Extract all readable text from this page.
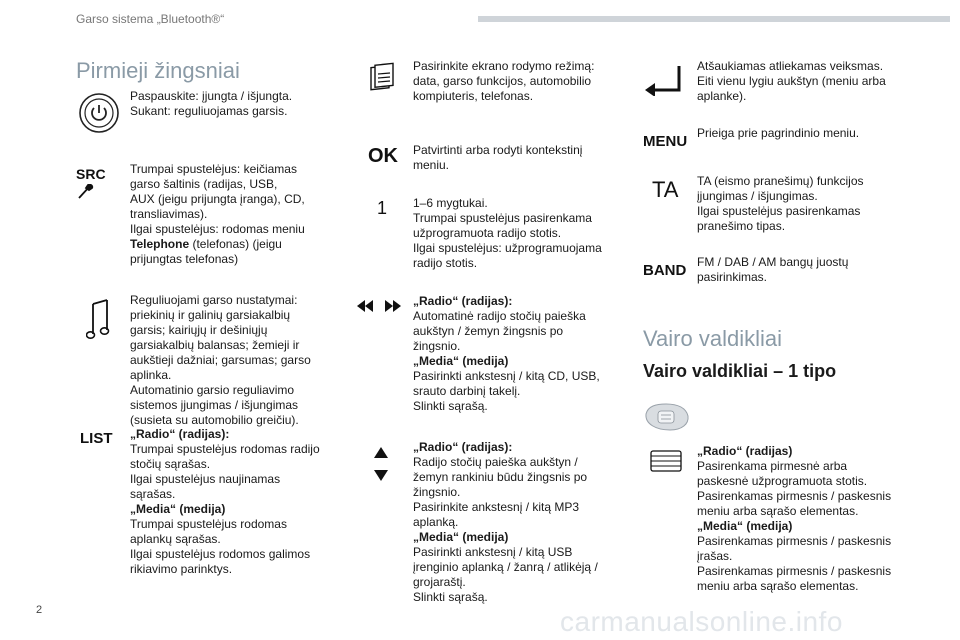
Garso sistema „Bluetooth®“
Pirmieji žingsniai
Paspauskite: įjungta / išjungta.
Sukant: reguliuojamas garsis.
SRC	Trumpai spustelėjus: keičiamas
garso šaltinis (radijas, USB,
AUX (jeigu prijungta įranga), CD,
transliavimas).
Ilgai spustelėjus: rodomas meniu
Telephone (telefonas) (jeigu
prijungtas telefonas)
Reguliuojami garso nustatymai:
priekinių ir galinių garsiakalbių
garsis; kairiųjų ir dešiniųjų
garsiakalbių balansas; žemieji ir
aukštieji dažniai; garsumas; garso
aplinka.
Automatinio garsio reguliavimo
sistemos įjungimas / išjungimas
(susieta su automobilio greičiu).
LIST „Radio“ (radijas):
Trumpai spustelėjus rodomas radijo
stočių sąrašas.
Ilgai spustelėjus naujinamas
sąrašas.
„Media“ (medija)
Trumpai spustelėjus rodomas
aplankų sąrašas.
Ilgai spustelėjus rodomos galimos
rikiavimo parinktys.
Pasirinkite ekrano rodymo režimą:
data, garso funkcijos, automobilio
kompiuteris, telefonas.
OK Patvirtinti arba rodyti kontekstinį
meniu.
1 1–6 mygtukai.
Trumpai spustelėjus pasirenkama
užprogramuota radijo stotis.
Ilgai spustelėjus: užprogramuojama
radijo stotis.
„Radio“ (radijas):
Automatinė radijo stočių paieška
aukštyn / žemyn žingsnis po
žingsnio.
„Media“ (medija)
Pasirinkti ankstesnį / kitą CD, USB,
srauto darbinį takelį.
Slinkti sąrašą.
„Radio“ (radijas):
Radijo stočių paieška aukštyn /
žemyn rankiniu būdu žingsnis po
žingsnio.
Pasirinkite ankstesnį / kitą MP3
aplanką.
„Media“ (medija)
Pasirinkti ankstesnį / kitą USB
įrenginio aplanką / žanrą / atlikėją /
grojaraštį.
Slinkti sąrašą.
Atšaukiamas atliekamas veiksmas.
Eiti vienu lygiu aukštyn (meniu arba
aplanke).
MENU Prieiga prie pagrindinio meniu.
TA TA (eismo pranešimų) funkcijos
įjungimas / išjungimas.
Ilgai spustelėjus pasirenkamas
pranešimo tipas.
BAND FM / DAB / AM bangų juostų
pasirinkimas.
Vairo valdikliai
Vairo valdikliai – 1 tipo
„Radio“ (radijas)
Pasirenkama pirmesnė arba
paskesnė užprogramuota stotis.
Pasirenkamas pirmesnis / paskesnis
meniu arba sąrašo elementas.
„Media“ (medija)
Pasirenkamas pirmesnis / paskesnis
įrašas.
Pasirenkamas pirmesnis / paskesnis
meniu arba sąrašo elementas.
2	carmanualsonline.info
